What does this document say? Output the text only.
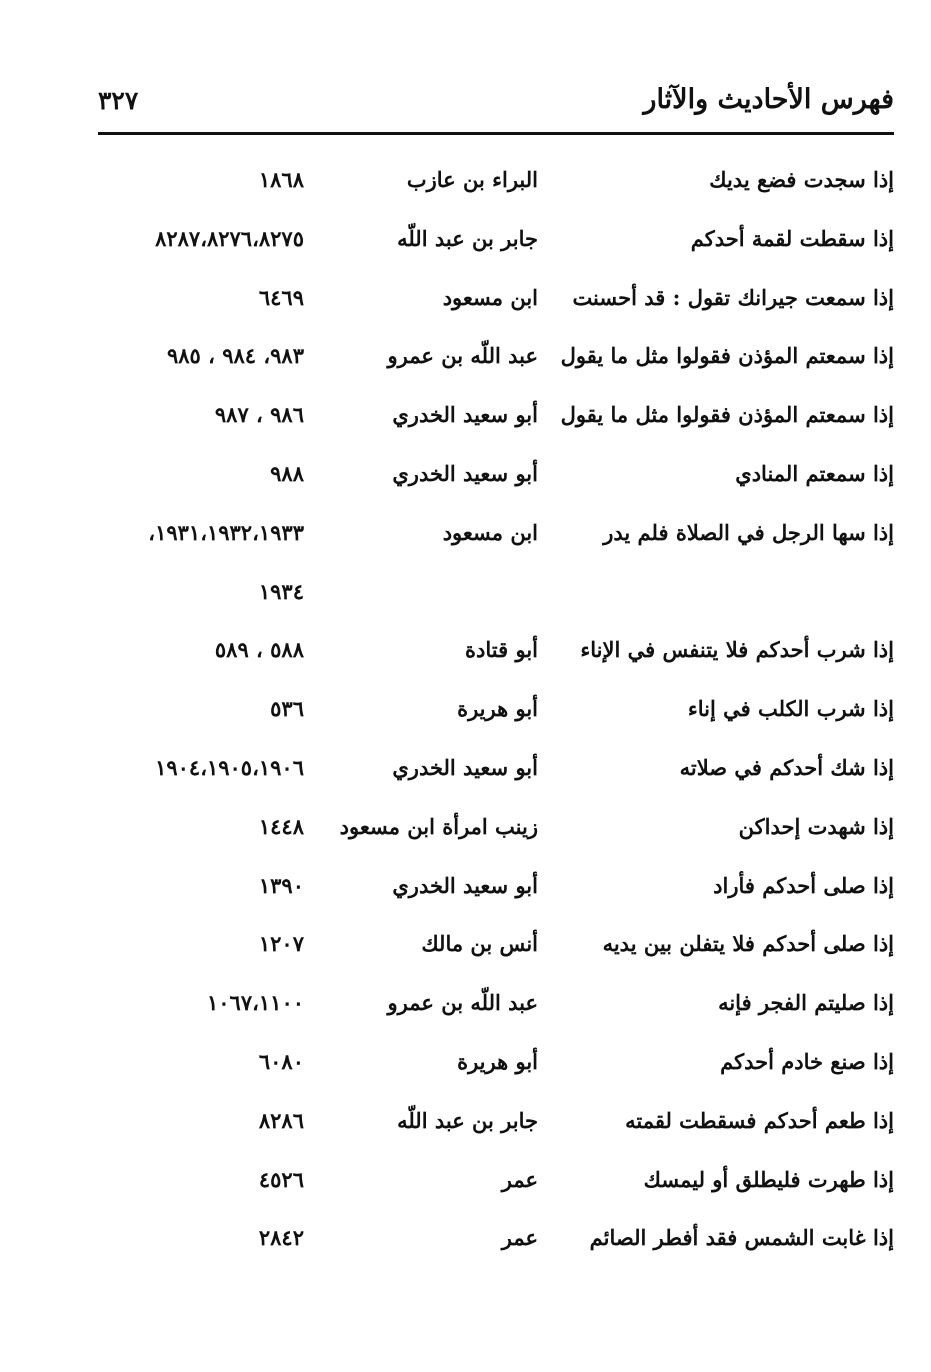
فهرس الأحاديث والآثار
٣٢٧
إذا سجدت فضع يديك
البراء بن عازب
١٨٦٨
إذا سقطت لقمة أحدكم
جابر بن عبد اللّه
٨٢٨٧،٨٢٧٦،٨٢٧٥
إذا سمعت جيرانك تقول : قد أحسنت
ابن مسعود
٦٤٦٩
إذا سمعتم المؤذن فقولوا مثل ما يقول
عبد اللّه بن عمرو
٩٨٣، ٩٨٤ ، ٩٨٥
إذا سمعتم المؤذن فقولوا مثل ما يقول
أبو سعيد الخدري
٩٨٦ ، ٩٨٧
إذا سمعتم المنادي
أبو سعيد الخدري
٩٨٨
إذا سها الرجل في الصلاة فلم يدر
ابن مسعود
١٩٣١،١٩٣٢،١٩٣٣،
١٩٣٤
إذا شرب أحدكم فلا يتنفس في الإناء
أبو قتادة
٥٨٨ ، ٥٨٩
إذا شرب الكلب في إناء
أبو هريرة
٥٣٦
إذا شك أحدكم في صلاته
أبو سعيد الخدري
١٩٠٤،١٩٠٥،١٩٠٦
إذا شهدت إحداكن
زينب امرأة ابن مسعود
١٤٤٨
إذا صلى أحدكم فأراد
أبو سعيد الخدري
١٣٩٠
إذا صلى أحدكم فلا يتفلن بين يديه
أنس بن مالك
١٢٠٧
إذا صليتم الفجر فإنه
عبد اللّه بن عمرو
١٠٦٧،١١٠٠
إذا صنع خادم أحدكم
أبو هريرة
٦٠٨٠
إذا طعم أحدكم فسقطت لقمته
جابر بن عبد اللّه
٨٢٨٦
إذا طهرت فليطلق أو ليمسك
عمر
٤٥٢٦
إذا غابت الشمس فقد أفطر الصائم
عمر
٢٨٤٢
